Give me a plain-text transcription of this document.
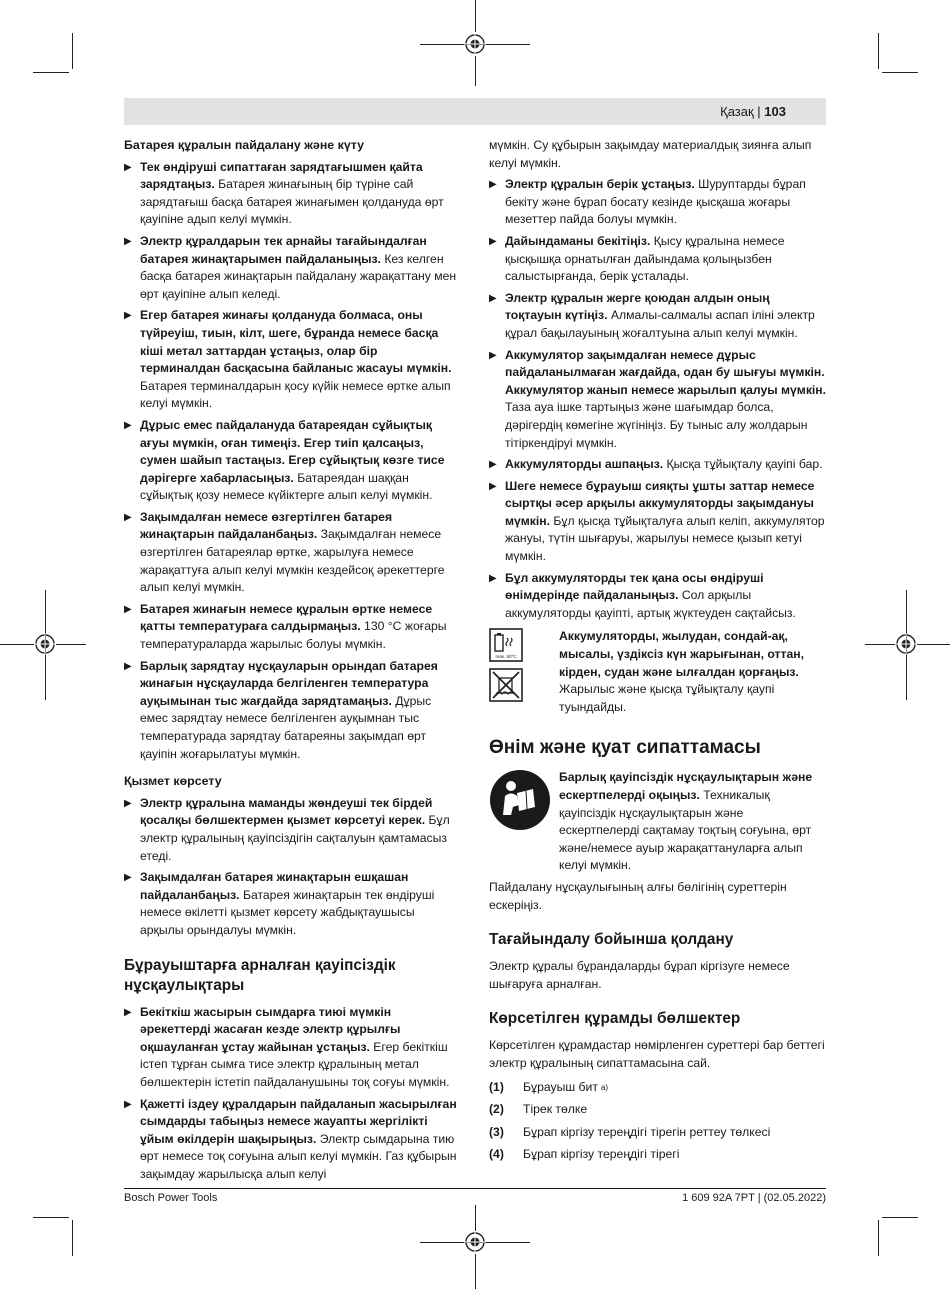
Қазақ | 103
Батарея құралын пайдалану және күту
▶ Тек өндіруші сипаттаған зарядтағышмен қайта зарядтаңыз. Батарея жинағының бір түріне сай зарядтағыш басқа батарея жинағымен қолдануда өрт қауіпіне адып келуі мүмкін.
▶ Электр құралдарын тек арнайы тағайындалған батарея жинақтарымен пайдаланыңыз. Кез келген басқа батарея жинақтарын пайдалану жарақаттану мен өрт қауіпіне алып келеді.
▶ Егер батарея жинағы қолдануда болмаса, оны түйреуіш, тиын, кілт, шеге, бұранда немесе басқа кіші метал заттардан ұстаңыз, олар бір терминалдан басқасына байланыс жасауы мүмкін. Батарея терминалдарын қосу күйік немесе өртке алып келуі мүмкін.
▶ Дұрыс емес пайдалануда батареядан сұйықтық ағуы мүмкін, оған тимеңіз. Егер тиіп қалсаңыз, сумен шайып тастаңыз. Егер сұйықтық көзге тисе дәрігерге хабарласыңыз. Батареядан шаққан сұйықтық қозу немесе күйіктерге алып келуі мүмкін.
▶ Зақымдалған немесе өзгертілген батарея жинақтарын пайдаланбаңыз. Зақымдалған немесе өзгертілген батареялар өртке, жарылуға немесе жарақаттуға алып келуі мүмкін кездейсоқ әрекеттерге алып келуі мүмкін.
▶ Батарея жинағын немесе құралын өртке немесе қатты температураға салдырмаңыз. 130 °C жоғары температураларда жарылыс болуы мүмкін.
▶ Барлық зарядтау нұсқауларын орындап батарея жинағын нұсқауларда белгіленген температура ауқымынан тыс жағдайда зарядтамаңыз. Дұрыс емес зарядтау немесе белгіленген ауқымнан тыс температурада зарядтау батареяны зақымдап өрт қауіпін жоғарылатуы мүмкін.
Қызмет көрсету
▶ Электр құралына маманды жөндеуші тек бірдей қосалқы бөлшектермен қызмет көрсетуі керек. Бұл электр құралының қауіпсіздігін сақталуын қамтамасыз етеді.
▶ Зақымдалған батарея жинақтарын ешқашан пайдаланбаңыз. Батарея жинақтарын тек өндіруші немесе өкілетті қызмет көрсету жабдықтаушысы арқылы орындалуы мүмкін.
Бұрауыштарға арналған қауіпсіздік нұсқаулықтары
▶ Бекіткіш жасырын сымдарға тиюі мүмкін әрекеттерді жасаған кезде электр құрылғы оқшауланған ұстау жайынан ұстаңыз. Егер бекіткіш істеп тұрған сымға тисе электр құралының метал бөлшектерін істетіп пайдаланушыны тоқ соғуы мүмкін.
▶ Қажетті іздеу құралдарын пайдаланып жасырылған сымдарды табыңыз немесе жауапты жергілікті ұйым өкілдерін шақырыңыз. Электр сымдарына тию өрт немесе тоқ соғуына алып келуі мүмкін. Газ құбырын зақымдау жарылысқа алып келуі
мүмкін. Су құбырын зақымдау материалдық зиянға алып келуі мүмкін.
▶ Электр құралын берік ұстаңыз. Шуруптарды бұрап бекіту және бұрап босату кезінде қысқаша жоғары мезеттер пайда болуы мүмкін.
▶ Дайындаманы бекітіңіз. Қысу құралына немесе қысқышқа орнатылған дайындама қолыңызбен салыстырғанда, берік ұсталады.
▶ Электр құралын жерге қоюдан алдын оның тоқтауын күтіңіз. Алмалы-салмалы аспап іліні электр құрал бақылауының жоғалтуына алып келуі мүмкін.
▶ Аккумулятор зақымдалған немесе дұрыс пайдаланылмаған жағдайда, одан бу шығуы мүмкін. Аккумулятор жанып немесе жарылып қалуы мүмкін. Таза ауа ішке тартыңыз және шағымдар болса, дәрігердің көмегіне жүгініңіз. Бу тыныс алу жолдарын тітіркендіруі мүмкін.
▶ Аккумуляторды ашпаңыз. Қысқа тұйықталу қауіпі бар.
▶ Шеге немесе бұрауыш сияқты ұшты заттар немесе сыртқы әсер арқылы аккумуляторды зақымдануы мүмкін. Бұл қысқа тұйықталуға алып келіп, аккумулятор жануы, түтін шығаруы, жарылуы немесе қызып кетуі мүмкін.
▶ Бұл аккумуляторды тек қана осы өндіруші өнімдерінде пайдаланыңыз. Сол арқылы аккумуляторды қауіпті, артық жүктеуден сақтайсыз.
max. 50°C
Аккумуляторды, жылудан, сондай-ақ, мысалы, үздіксіз күн жарығынан, оттан, кірден, судан және ылғалдан қорғаңыз. Жарылыс және қысқа тұйықталу қаупі туындайды.
Өнім және қуат сипаттамасы
Барлық қауіпсіздік нұсқаулықтарын және ескертпелерді оқыңыз. Техникалық қауіпсіздік нұсқаулықтарын және ескертпелерді сақтамау тоқтың соғуына, өрт және/немесе ауыр жарақаттануларға алып келуі мүмкін.
Пайдалану нұсқаулығының алғы бөлігінің суреттерін ескеріңіз.
Тағайындалу бойынша қолдану
Электр құралы бұрандаларды бұрап кіргізуге немесе шығаруға арналған.
Көрсетілген құрамды бөлшектер
Көрсетілген құрамдастар нөмірленген суреттері бар беттегі электр құралының сипаттамасына сай.
(1)	Бұрауыш бит a)
(2)	Тірек төлке
(3)	Бұрап кіргізу тереңдігі тірегін реттеу төлкесі
(4)	Бұрап кіргізу тереңдігі тірегі
Bosch Power Tools	1 609 92A 7PT | (02.05.2022)
